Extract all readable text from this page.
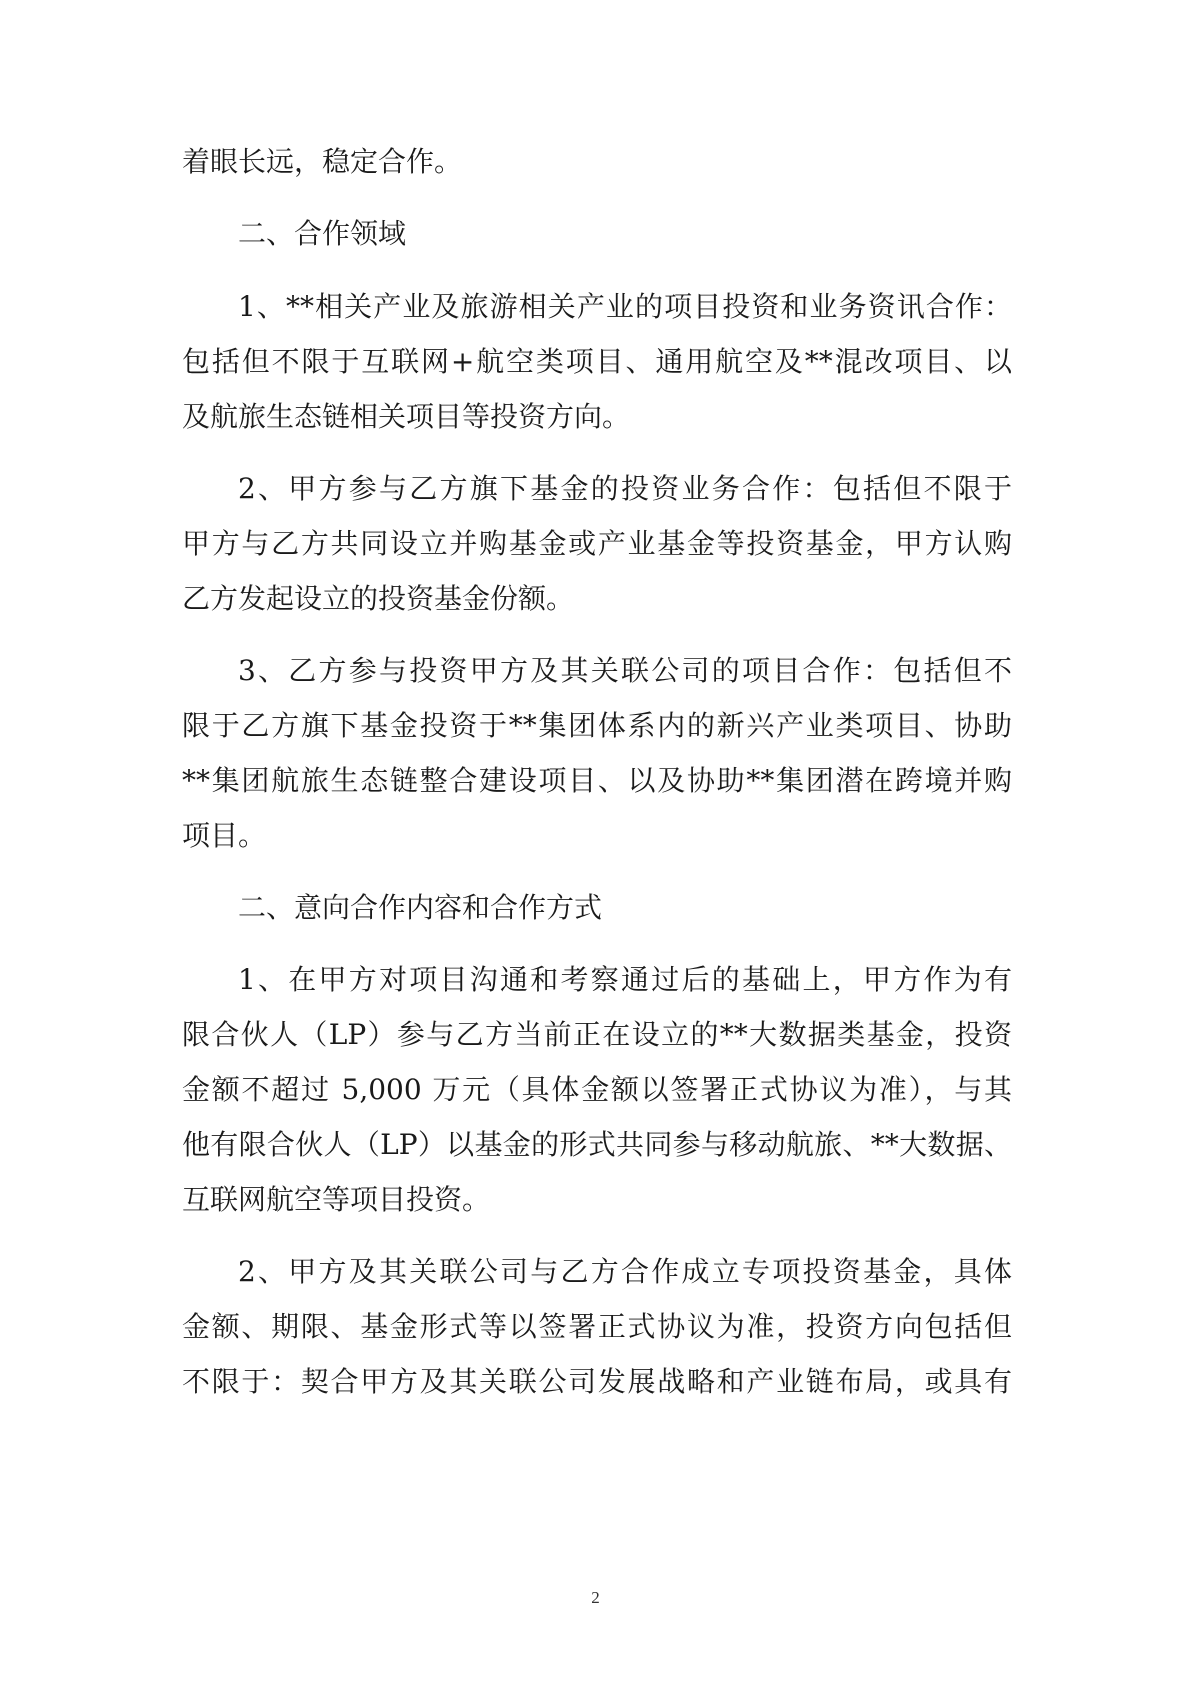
着眼长远，稳定合作。
二、合作领域
1、**相关产业及旅游相关产业的项目投资和业务资讯合作：
包括但不限于互联网+航空类项目、通用航空及**混改项目、以
及航旅生态链相关项目等投资方向。
2、甲方参与乙方旗下基金的投资业务合作：包括但不限于
甲方与乙方共同设立并购基金或产业基金等投资基金，甲方认购
乙方发起设立的投资基金份额。
3、乙方参与投资甲方及其关联公司的项目合作：包括但不
限于乙方旗下基金投资于**集团体系内的新兴产业类项目、协助
**集团航旅生态链整合建设项目、以及协助**集团潜在跨境并购
项目。
二、意向合作内容和合作方式
1、在甲方对项目沟通和考察通过后的基础上，甲方作为有
限合伙人（LP）参与乙方当前正在设立的**大数据类基金，投资
金额不超过 5,000 万元（具体金额以签署正式协议为准），与其
他有限合伙人（LP）以基金的形式共同参与移动航旅、**大数据、
互联网航空等项目投资。
2、甲方及其关联公司与乙方合作成立专项投资基金，具体
金额、期限、基金形式等以签署正式协议为准，投资方向包括但
不限于：契合甲方及其关联公司发展战略和产业链布局，或具有
2
